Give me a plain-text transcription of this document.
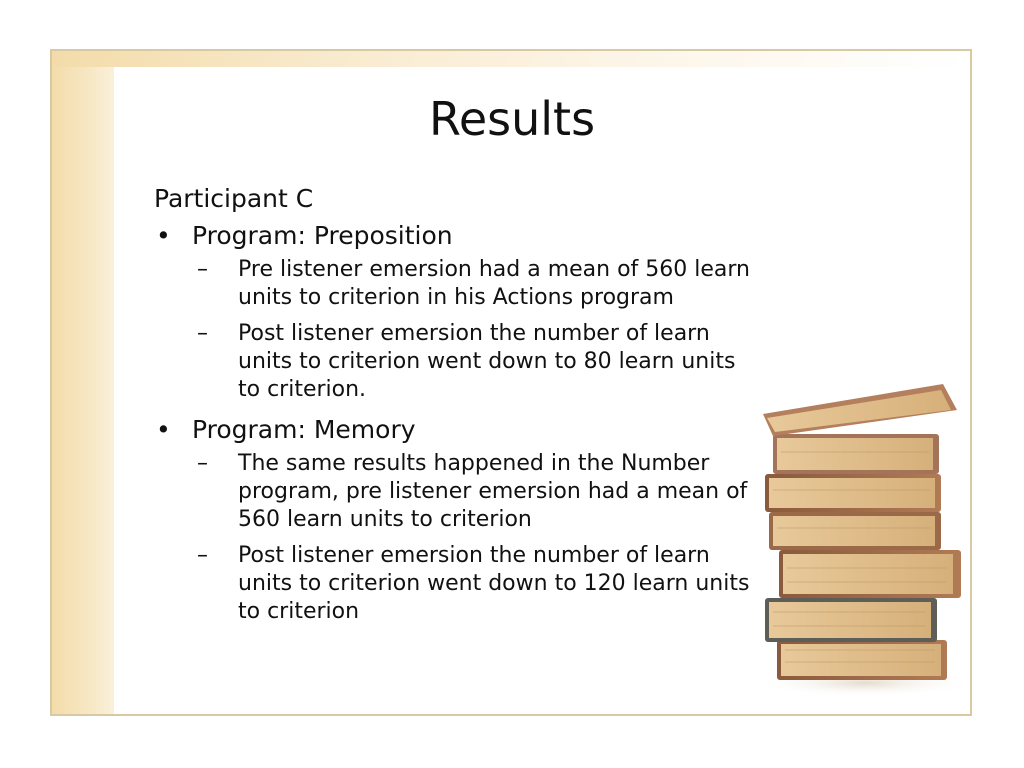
Results

Participant C

• Program: Preposition
– Pre listener emersion had a mean of 560 learn units to criterion in his Actions program
– Post listener emersion the number of learn units to criterion went down to 80 learn units to criterion.
• Program: Memory
– The same results happened in the Number program, pre listener emersion had a mean of 560 learn units to criterion
– Post listener emersion the number of learn units to criterion went down to 120 learn units to criterion
